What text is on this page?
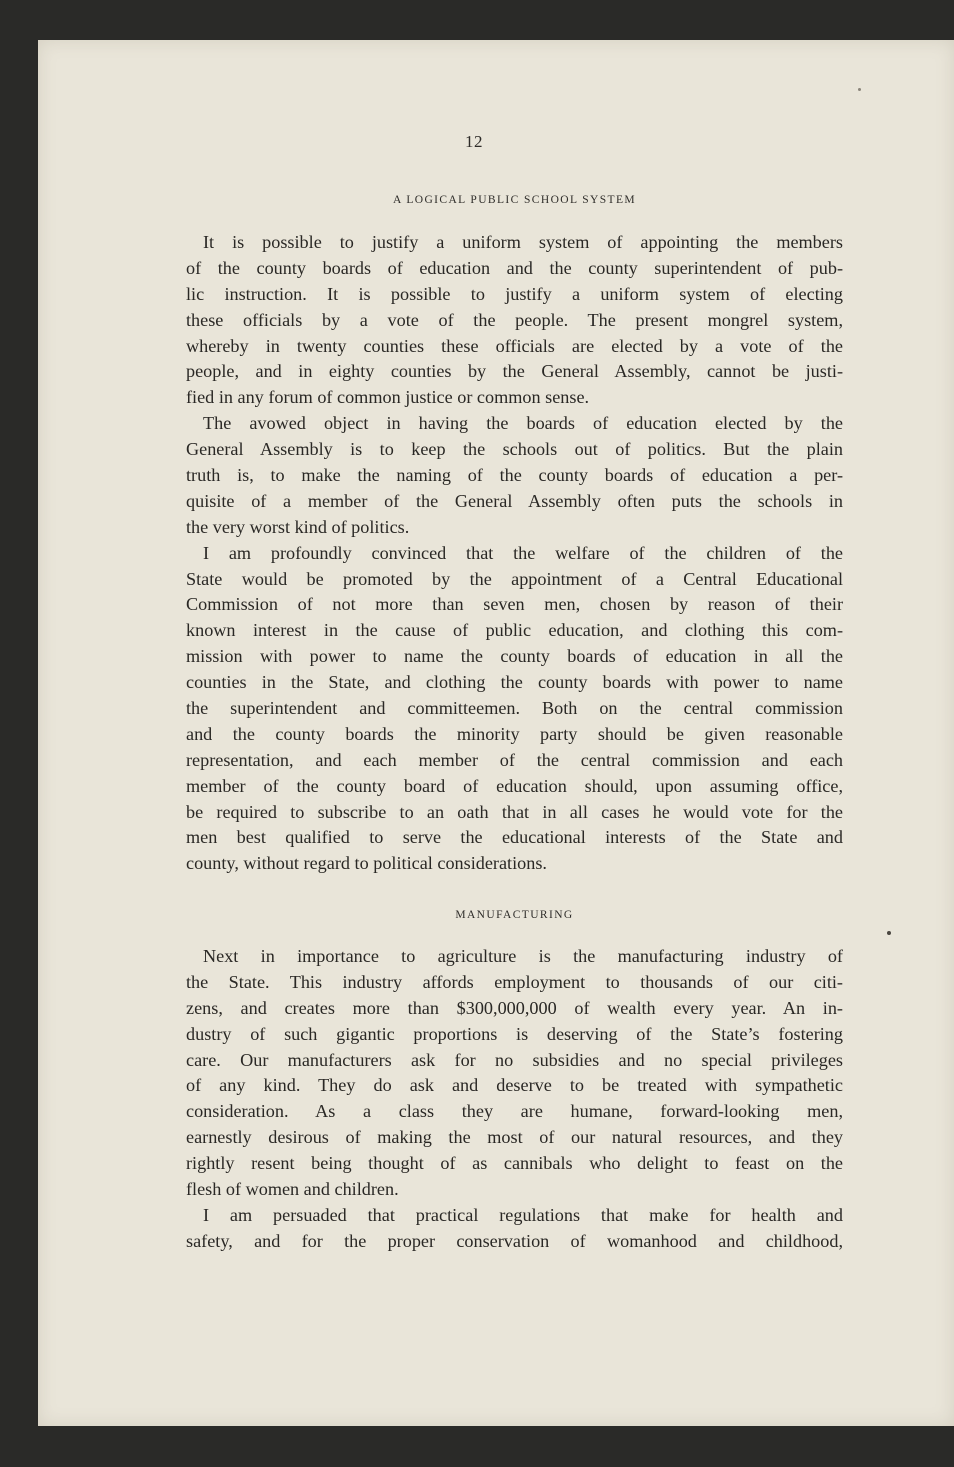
12
A LOGICAL PUBLIC SCHOOL SYSTEM
It is possible to justify a uniform system of appointing the members
of the county boards of education and the county superintendent of pub-
lic instruction. It is possible to justify a uniform system of electing
these officials by a vote of the people. The present mongrel system,
whereby in twenty counties these officials are elected by a vote of the
people, and in eighty counties by the General Assembly, cannot be justi-
fied in any forum of common justice or common sense.
The avowed object in having the boards of education elected by the
General Assembly is to keep the schools out of politics. But the plain
truth is, to make the naming of the county boards of education a per-
quisite of a member of the General Assembly often puts the schools in
the very worst kind of politics.
I am profoundly convinced that the welfare of the children of the
State would be promoted by the appointment of a Central Educational
Commission of not more than seven men, chosen by reason of their
known interest in the cause of public education, and clothing this com-
mission with power to name the county boards of education in all the
counties in the State, and clothing the county boards with power to name
the superintendent and committeemen. Both on the central commission
and the county boards the minority party should be given reasonable
representation, and each member of the central commission and each
member of the county board of education should, upon assuming office,
be required to subscribe to an oath that in all cases he would vote for the
men best qualified to serve the educational interests of the State and
county, without regard to political considerations.
MANUFACTURING
Next in importance to agriculture is the manufacturing industry of
the State. This industry affords employment to thousands of our citi-
zens, and creates more than $300,000,000 of wealth every year. An in-
dustry of such gigantic proportions is deserving of the State’s fostering
care. Our manufacturers ask for no subsidies and no special privileges
of any kind. They do ask and deserve to be treated with sympathetic
consideration. As a class they are humane, forward-looking men,
earnestly desirous of making the most of our natural resources, and they
rightly resent being thought of as cannibals who delight to feast on the
flesh of women and children.
I am persuaded that practical regulations that make for health and
safety, and for the proper conservation of womanhood and childhood,
